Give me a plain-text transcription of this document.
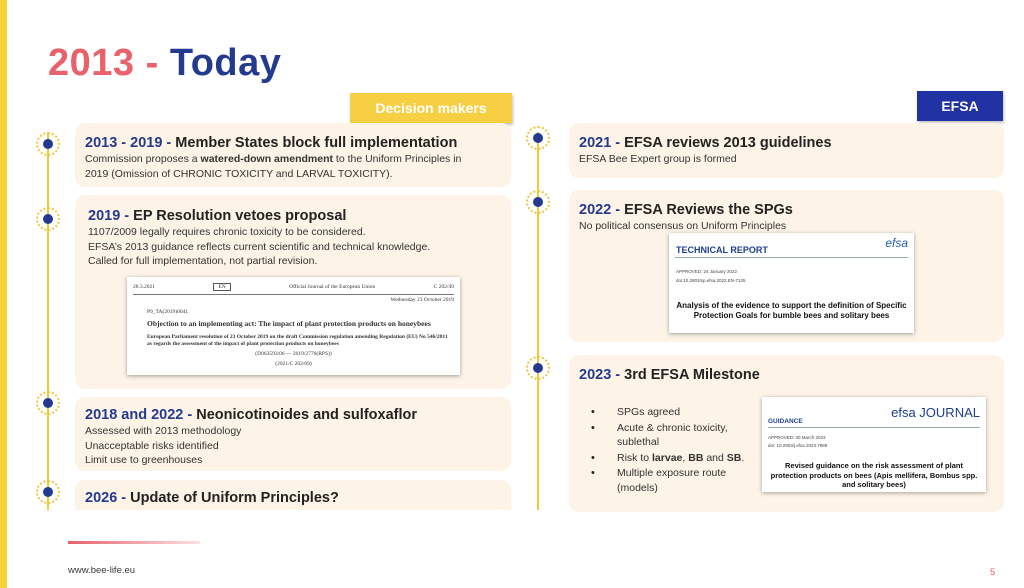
2013 - Today
Decision makers	EFSA
2013 - 2019 - Member States block full implementation

Commission proposes a watered-down amendment to the Uniform Principles in

2019 (Omission of CHRONIC TOXICITY and LARVAL TOXICITY).

2019 - EP Resolution vetoes proposal

1107/2009 legally requires chronic toxicity to be considered.

EFSA’s 2013 guidance reflects current scientific and technical knowledge.

Called for full implementation, not partial revision.

28.3.2021	EN	Official Journal of the European Union	C 202/49
Wednesday 23 October 2019
P9_TA(2019)0041
Objection to an implementing act: The impact of plant protection products on honeybees
European Parliament resolution of 23 October 2019 on the draft Commission regulation amending Regulation (EU) No 546/2011 as regards the assessment of the impact of plant protection products on honeybees
(D063593/06 — 2019/2776(RPS))
(2021/C 202/09)
2018 and 2022 - Neonicotinoides and sulfoxaflor

Assessed with 2013 methodology

Unacceptable risks identified

Limit use to greenhouses

2026 - Update of Uniform Principles?
2021 - EFSA reviews 2013 guidelines

EFSA Bee Expert group is formed

2022 - EFSA Reviews the SPGs

No political consensus on Uniform Principles

TECHNICAL REPORT	efsa
APPROVED: 24 January 2022
doi:10.2903/sp.efsa.2022.EN-7125
Analysis of the evidence to support the definition of Specific Protection Goals for bumble bees and solitary bees
2023 - 3rd EFSA Milestone
• SPGs agreed
• Acute & chronic toxicity, sublethal
• Risk to larvae, BB and SB.
• Multiple exposure route (models)
efsa JOURNAL
GUIDANCE
APPROVED: 30 March 2023
doi: 10.2903/j.efsa.2023.7989
Revised guidance on the risk assessment of plant protection products on bees (Apis mellifera, Bombus spp. and solitary bees)
www.bee-life.eu	5
